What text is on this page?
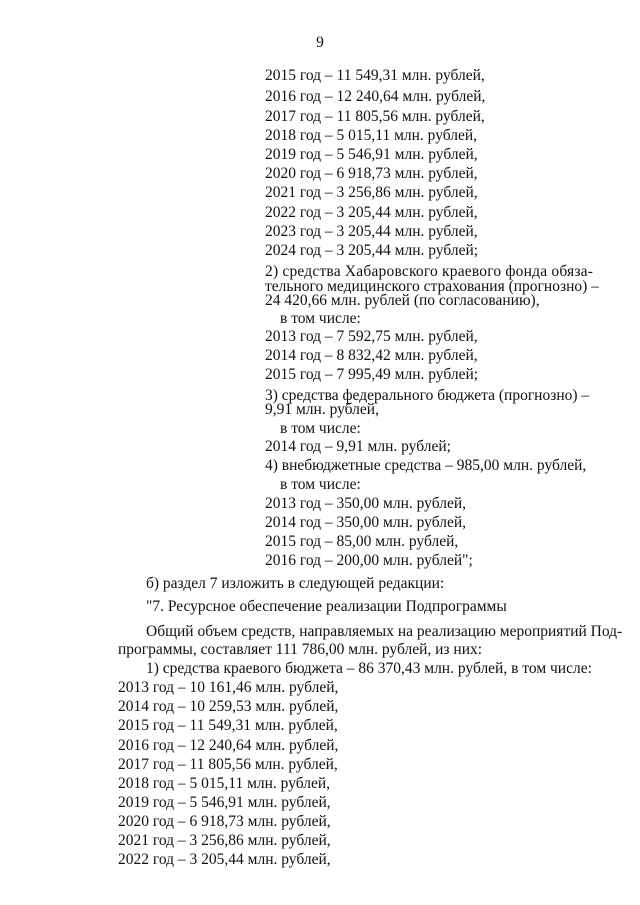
9
2015 год – 11 549,31 млн. рублей,
2016 год – 12 240,64 млн. рублей,
2017 год – 11 805,56 млн. рублей,
2018 год – 5 015,11 млн. рублей,
2019 год – 5 546,91 млн. рублей,
2020 год – 6 918,73 млн. рублей,
2021 год – 3 256,86 млн. рублей,
2022 год – 3 205,44 млн. рублей,
2023 год – 3 205,44 млн. рублей,
2024 год – 3 205,44 млн. рублей;
2) средства Хабаровского краевого фонда обяза-
тельного медицинского страхования (прогнозно) –
24 420,66 млн. рублей (по согласованию),
в том числе:
2013 год – 7 592,75 млн. рублей,
2014 год – 8 832,42 млн. рублей,
2015 год – 7 995,49 млн. рублей;
3) средства федерального бюджета (прогнозно) –
9,91 млн. рублей,
в том числе:
2014 год – 9,91 млн. рублей;
4) внебюджетные средства – 985,00 млн. рублей,
в том числе:
2013 год – 350,00 млн. рублей,
2014 год – 350,00 млн. рублей,
2015 год – 85,00 млн. рублей,
2016 год – 200,00 млн. рублей";
б) раздел 7 изложить в следующей редакции:
"7. Ресурсное обеспечение реализации Подпрограммы
Общий объем средств, направляемых на реализацию мероприятий Под-
программы, составляет 111 786,00 млн. рублей, из них:
1) средства краевого бюджета – 86 370,43 млн. рублей, в том числе:
2013 год – 10 161,46 млн. рублей,
2014 год – 10 259,53 млн. рублей,
2015 год – 11 549,31 млн. рублей,
2016 год – 12 240,64 млн. рублей,
2017 год – 11 805,56 млн. рублей,
2018 год – 5 015,11 млн. рублей,
2019 год – 5 546,91 млн. рублей,
2020 год – 6 918,73 млн. рублей,
2021 год – 3 256,86 млн. рублей,
2022 год – 3 205,44 млн. рублей,
